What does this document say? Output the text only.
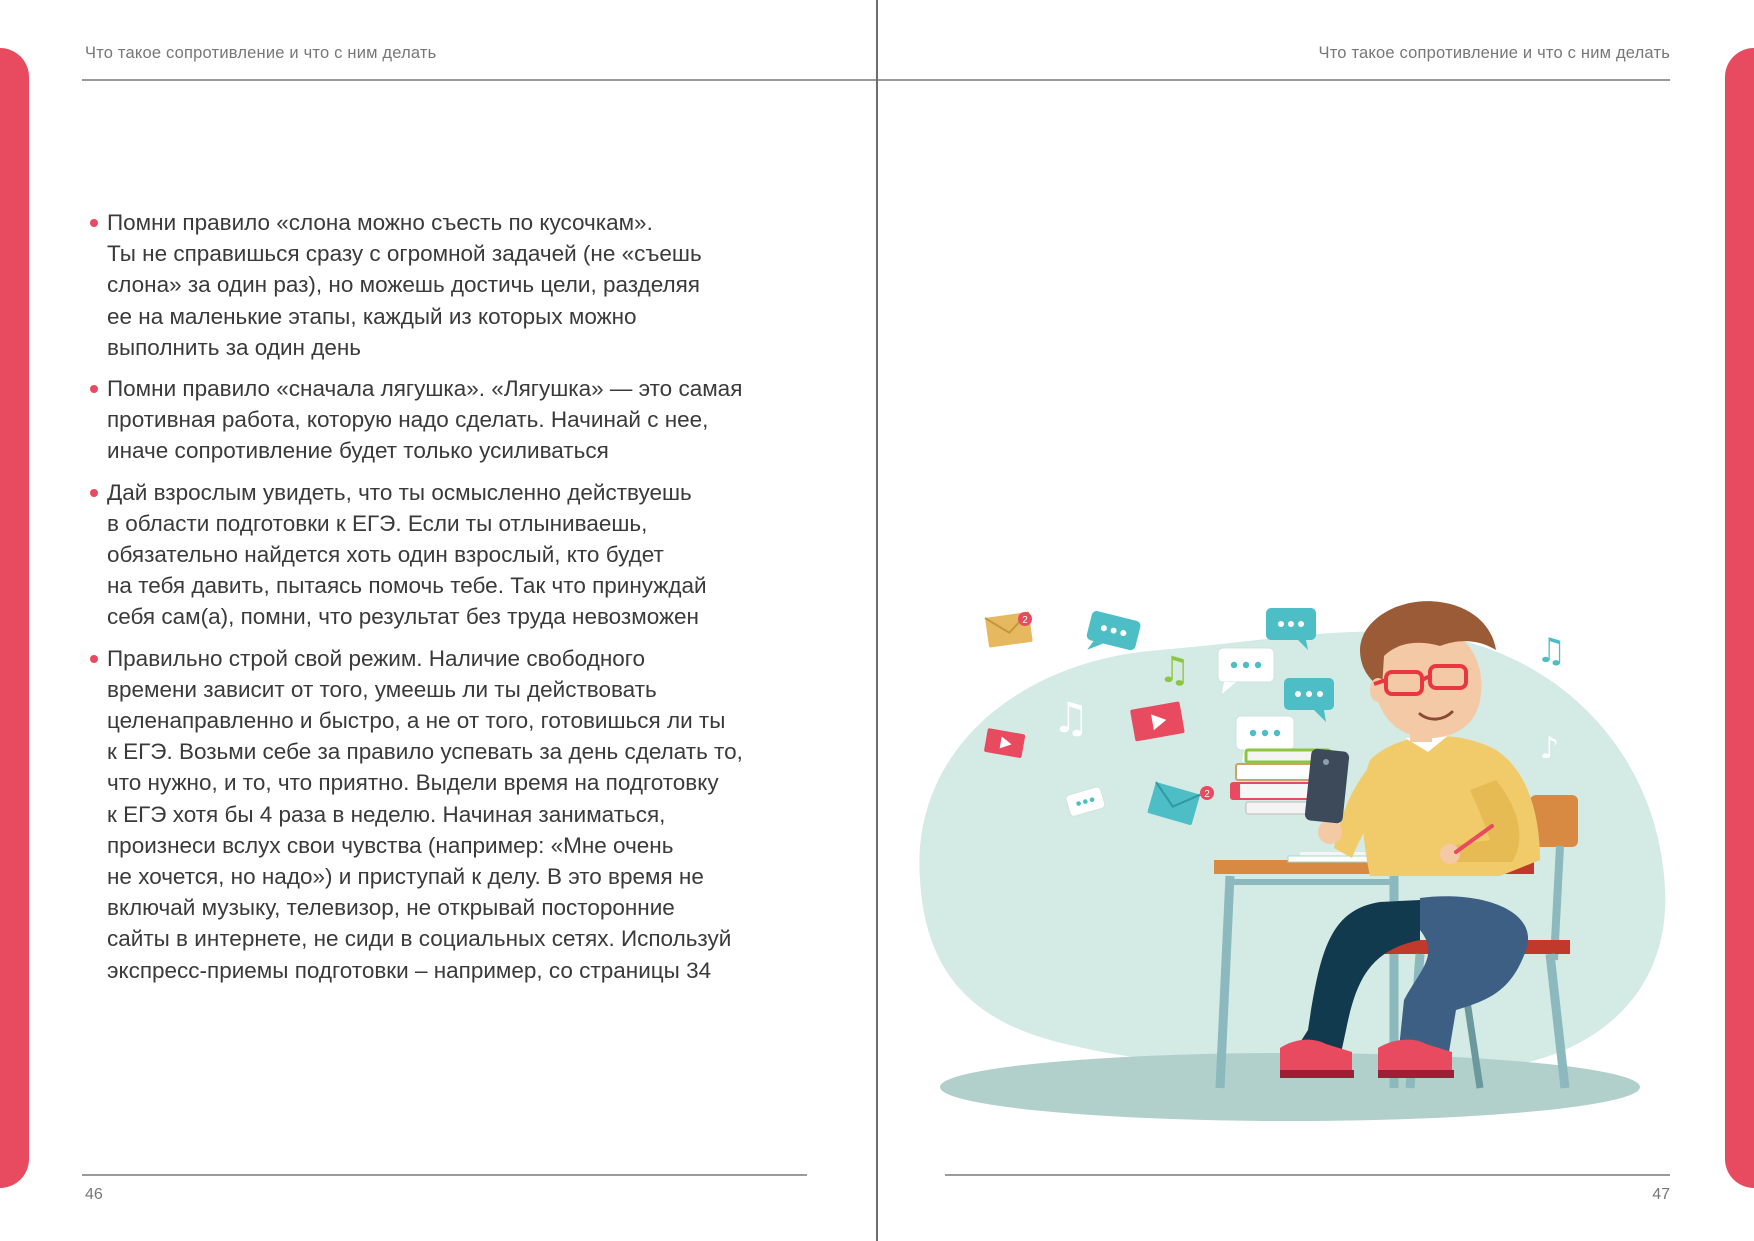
Что такое сопротивление и что с ним делать	Что такое сопротивление и что с ним делать
Помни правило «слона можно съесть по кусочкам».
Ты не справишься сразу с огромной задачей (не «съешь
слона» за один раз), но можешь достичь цели, разделяя
ее на маленькие этапы, каждый из которых можно
выполнить за один день
Помни правило «сначала лягушка». «Лягушка» — это самая
противная работа, которую надо сделать. Начинай с нее,
иначе сопротивление будет только усиливаться
Дай взрослым увидеть, что ты осмысленно действуешь
в области подготовки к ЕГЭ. Если ты отлыниваешь,
обязательно найдется хоть один взрослый, кто будет
на тебя давить, пытаясь помочь тебе. Так что принуждай
себя сам(а), помни, что результат без труда невозможен
Правильно строй свой режим. Наличие свободного
времени зависит от того, умеешь ли ты действовать
целенаправленно и быстро, а не от того, готовишься ли ты
к ЕГЭ. Возьми себе за правило успевать за день сделать то,
что нужно, и то, что приятно. Выдели время на подготовку
к ЕГЭ хотя бы 4 раза в неделю. Начиная заниматься,
произнеси вслух свои чувства (например: «Мне очень
не хочется, но надо») и приступай к делу. В это время не
включай музыку, телевизор, не открывай посторонние
сайты в интернете, не сиди в социальных сетях. Используй
экспресс-приемы подготовки – например, со страницы 34
2
♫
♫
♫
♪
2
46	47
